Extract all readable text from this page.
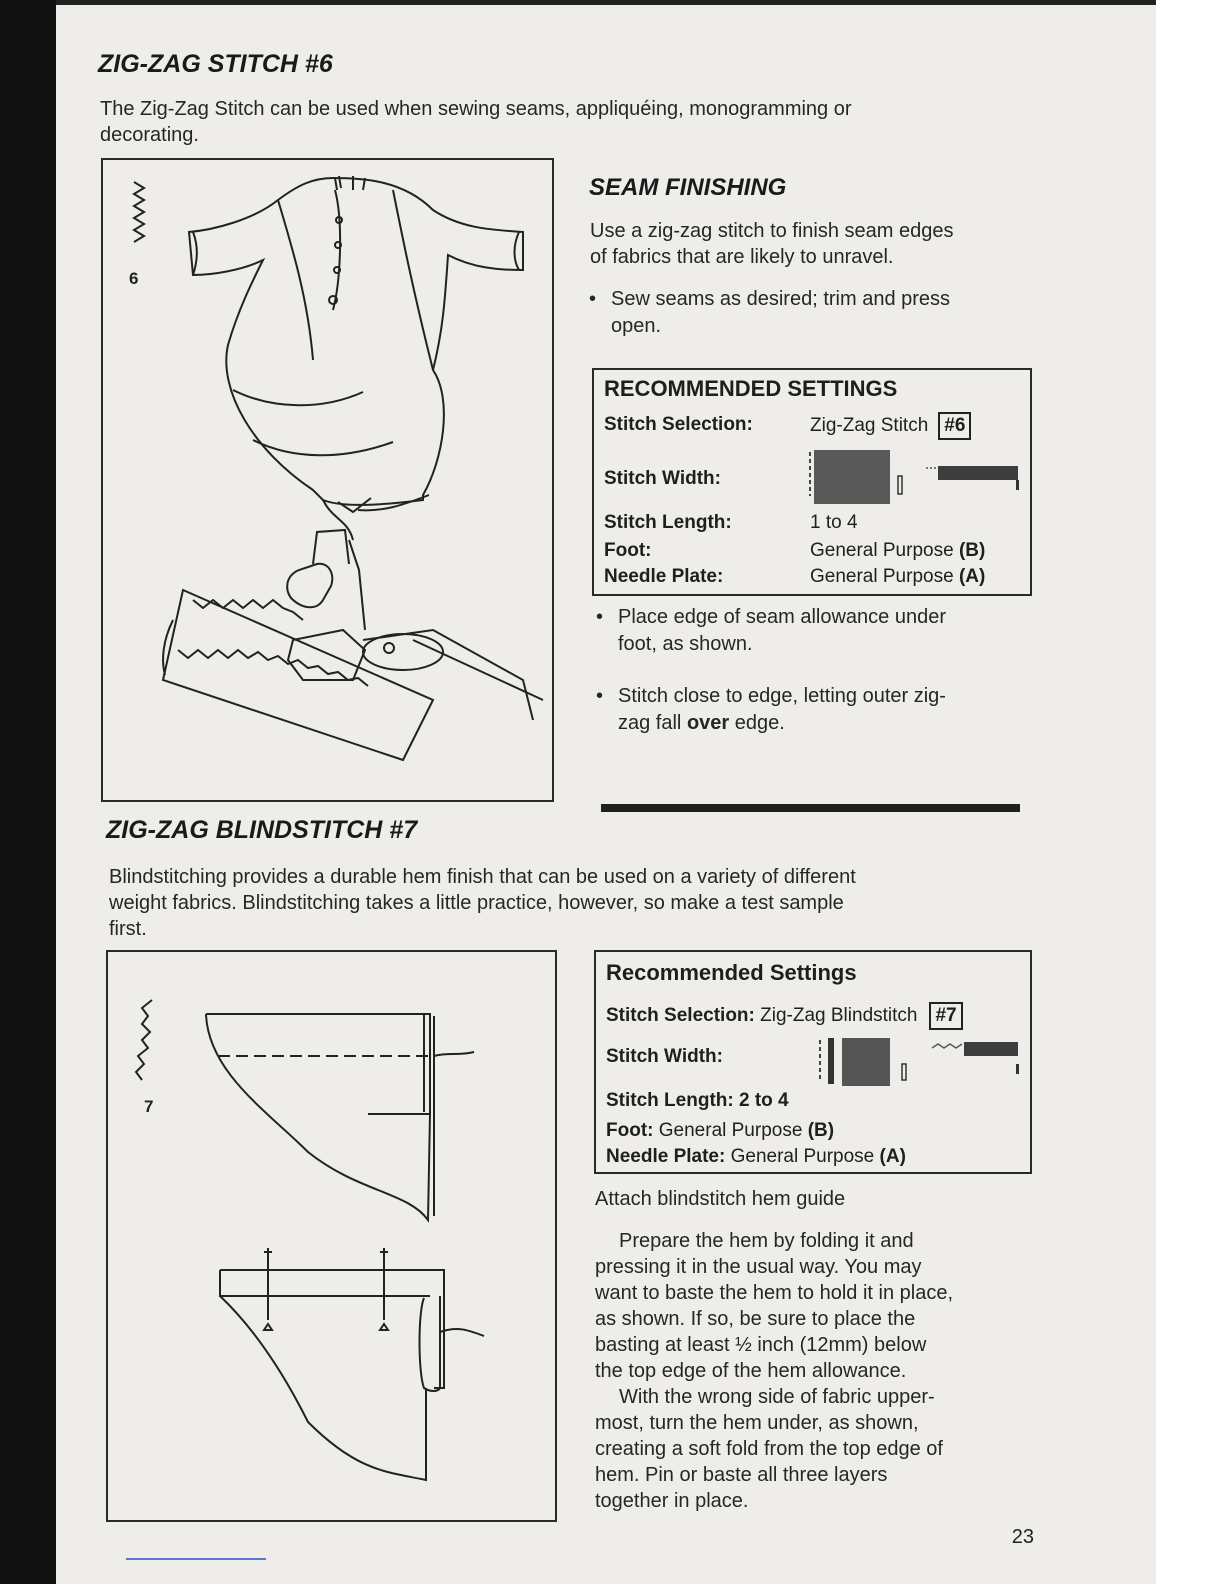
ZIG-ZAG STITCH #6

The Zig-Zag Stitch can be used when sewing seams, appliquéing, monogramming or
decorating.

6
SEAM FINISHING

Use a zig-zag stitch to finish seam edges
of fabrics that are likely to unravel.

• Sew seams as desired; trim and press
open.

RECOMMENDED SETTINGS
Stitch Selection:	Zig-Zag Stitch #6
Stitch Width:
Stitch Length:	1 to 4
Foot:	General Purpose (B)
Needle Plate:	General Purpose (A)

• Place edge of seam allowance under
foot, as shown.

• Stitch close to edge, letting outer zig-
zag fall over edge.

ZIG-ZAG BLINDSTITCH #7

Blindstitching provides a durable hem finish that can be used on a variety of different
weight fabrics. Blindstitching takes a little practice, however, so make a test sample
first.

7
Recommended Settings
Stitch Selection: Zig-Zag Blindstitch #7
Stitch Width:
Stitch Length: 2 to 4
Foot: General Purpose (B)
Needle Plate: General Purpose (A)

Attach blindstitch hem guide

Prepare the hem by folding it and
pressing it in the usual way. You may
want to baste the hem to hold it in place,
as shown. If so, be sure to place the
basting at least ½ inch (12mm) below
the top edge of the hem allowance.

With the wrong side of fabric upper-
most, turn the hem under, as shown,
creating a soft fold from the top edge of
hem. Pin or baste all three layers
together in place.

23
